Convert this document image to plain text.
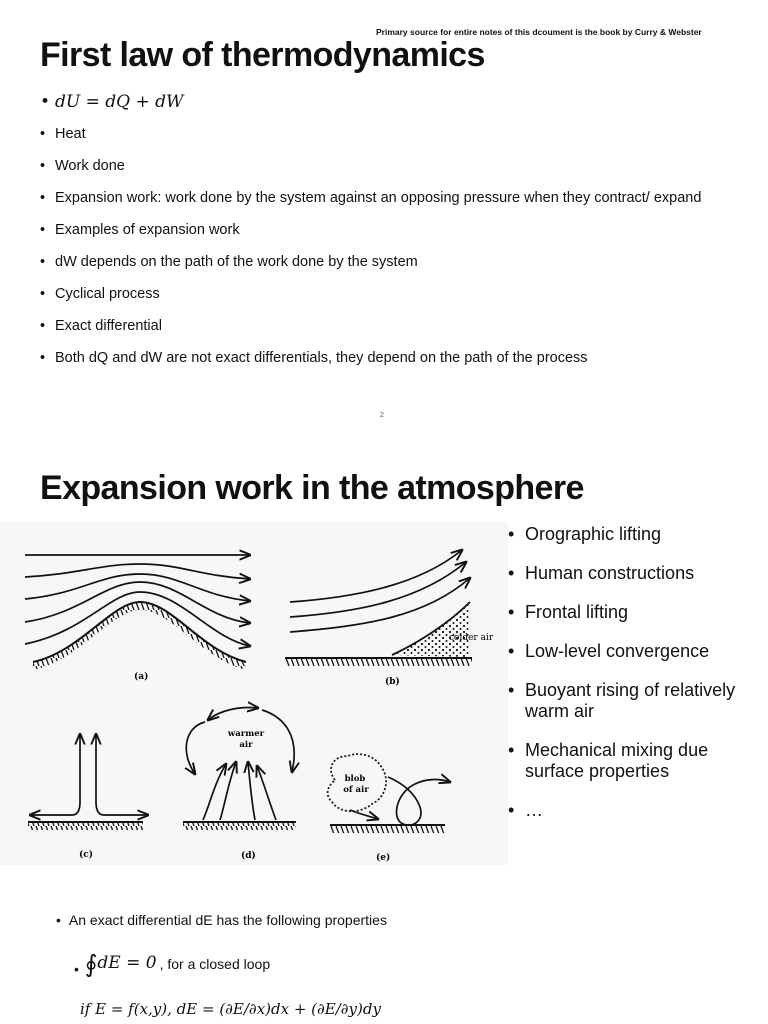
Primary source for entire notes of this dcoument is the book by Curry & Webster
First law of thermodynamics
• dU = dQ + dW
• Heat
• Work done
• Expansion work: work done by the system against an opposing pressure when they contract/ expand
• Examples of expansion work
• dW depends on the path of the work done by the system
• Cyclical process
• Exact differential
• Both dQ and dW are not exact differentials, they depend on the path of the process
2
Expansion work in the atmosphere
(a)
colder air
(b)
(c)
warmer
air
(d)
blob
of air
(e)
• Orographic lifting
• Human constructions
• Frontal lifting
• Low-level convergence
• Buoyant rising of relatively warm air
• Mechanical mixing due surface properties
• …
• An exact differential dE has the following properties
• ∮dE = 0 , for a closed loop
if E = f(x,y), dE = (∂E/∂x)dx + (∂E/∂y)dy
